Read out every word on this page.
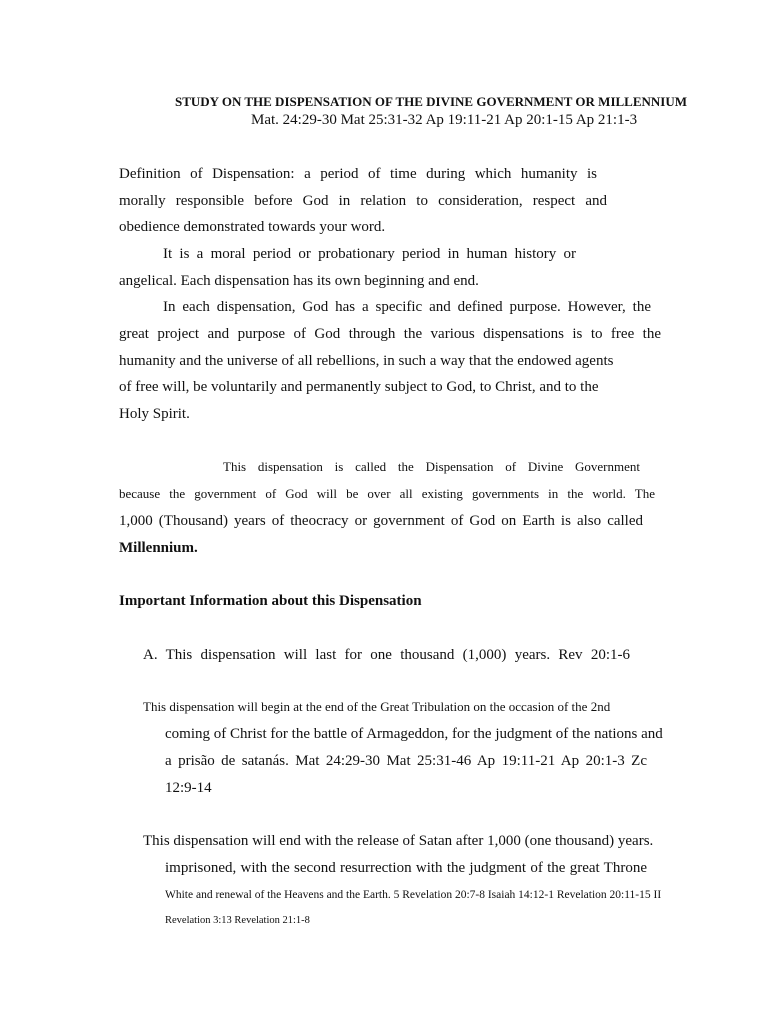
STUDY ON THE DISPENSATION OF THE DIVINE GOVERNMENT OR MILLENNIUM
Mat. 24:29-30 Mat 25:31-32 Ap 19:11-21 Ap 20:1-15 Ap 21:1-3
Definition of Dispensation: a period of time during which humanity is
morally responsible before God in relation to consideration, respect and
obedience demonstrated towards your word.
It is a moral period or probationary period in human history or
angelical. Each dispensation has its own beginning and end.
In each dispensation, God has a specific and defined purpose. However, the
great project and purpose of God through the various dispensations is to free the
humanity and the universe of all rebellions, in such a way that the endowed agents
of free will, be voluntarily and permanently subject to God, to Christ, and to the
Holy Spirit.
This dispensation is called the Dispensation of Divine Government
because the government of God will be over all existing governments in the world. The
1,000 (Thousand) years of theocracy or government of God on Earth is also called
Millennium.
Important Information about this Dispensation
A. This dispensation will last for one thousand (1,000) years. Rev 20:1-6
This dispensation will begin at the end of the Great Tribulation on the occasion of the 2nd
coming of Christ for the battle of Armageddon, for the judgment of the nations and
a prisão de satanás. Mat 24:29-30 Mat 25:31-46 Ap 19:11-21 Ap 20:1-3 Zc
12:9-14
This dispensation will end with the release of Satan after 1,000 (one thousand) years.
imprisoned, with the second resurrection with the judgment of the great Throne
White and renewal of the Heavens and the Earth. 5 Revelation 20:7-8 Isaiah 14:12-1 Revelation 20:11-15 II
Revelation 3:13 Revelation 21:1-8
